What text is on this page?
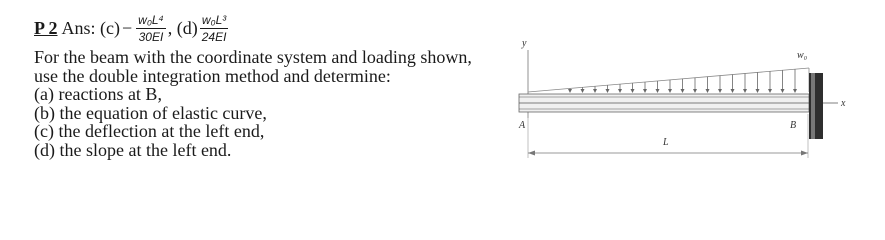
P 2 Ans: $(c) - \frac{\text{w₀L⁴}}{30EI}$ , $(d) \frac{\text{w₀L³}}{24EI}$
For the beam with the coordinate system and loading shown,
use the double integration method and determine:
(a) reactions at B,
(b) the equation of elastic curve,
(c) the deflection at the left end,
(d) the slope at the left end.
y
w₀
x
A	B
L
